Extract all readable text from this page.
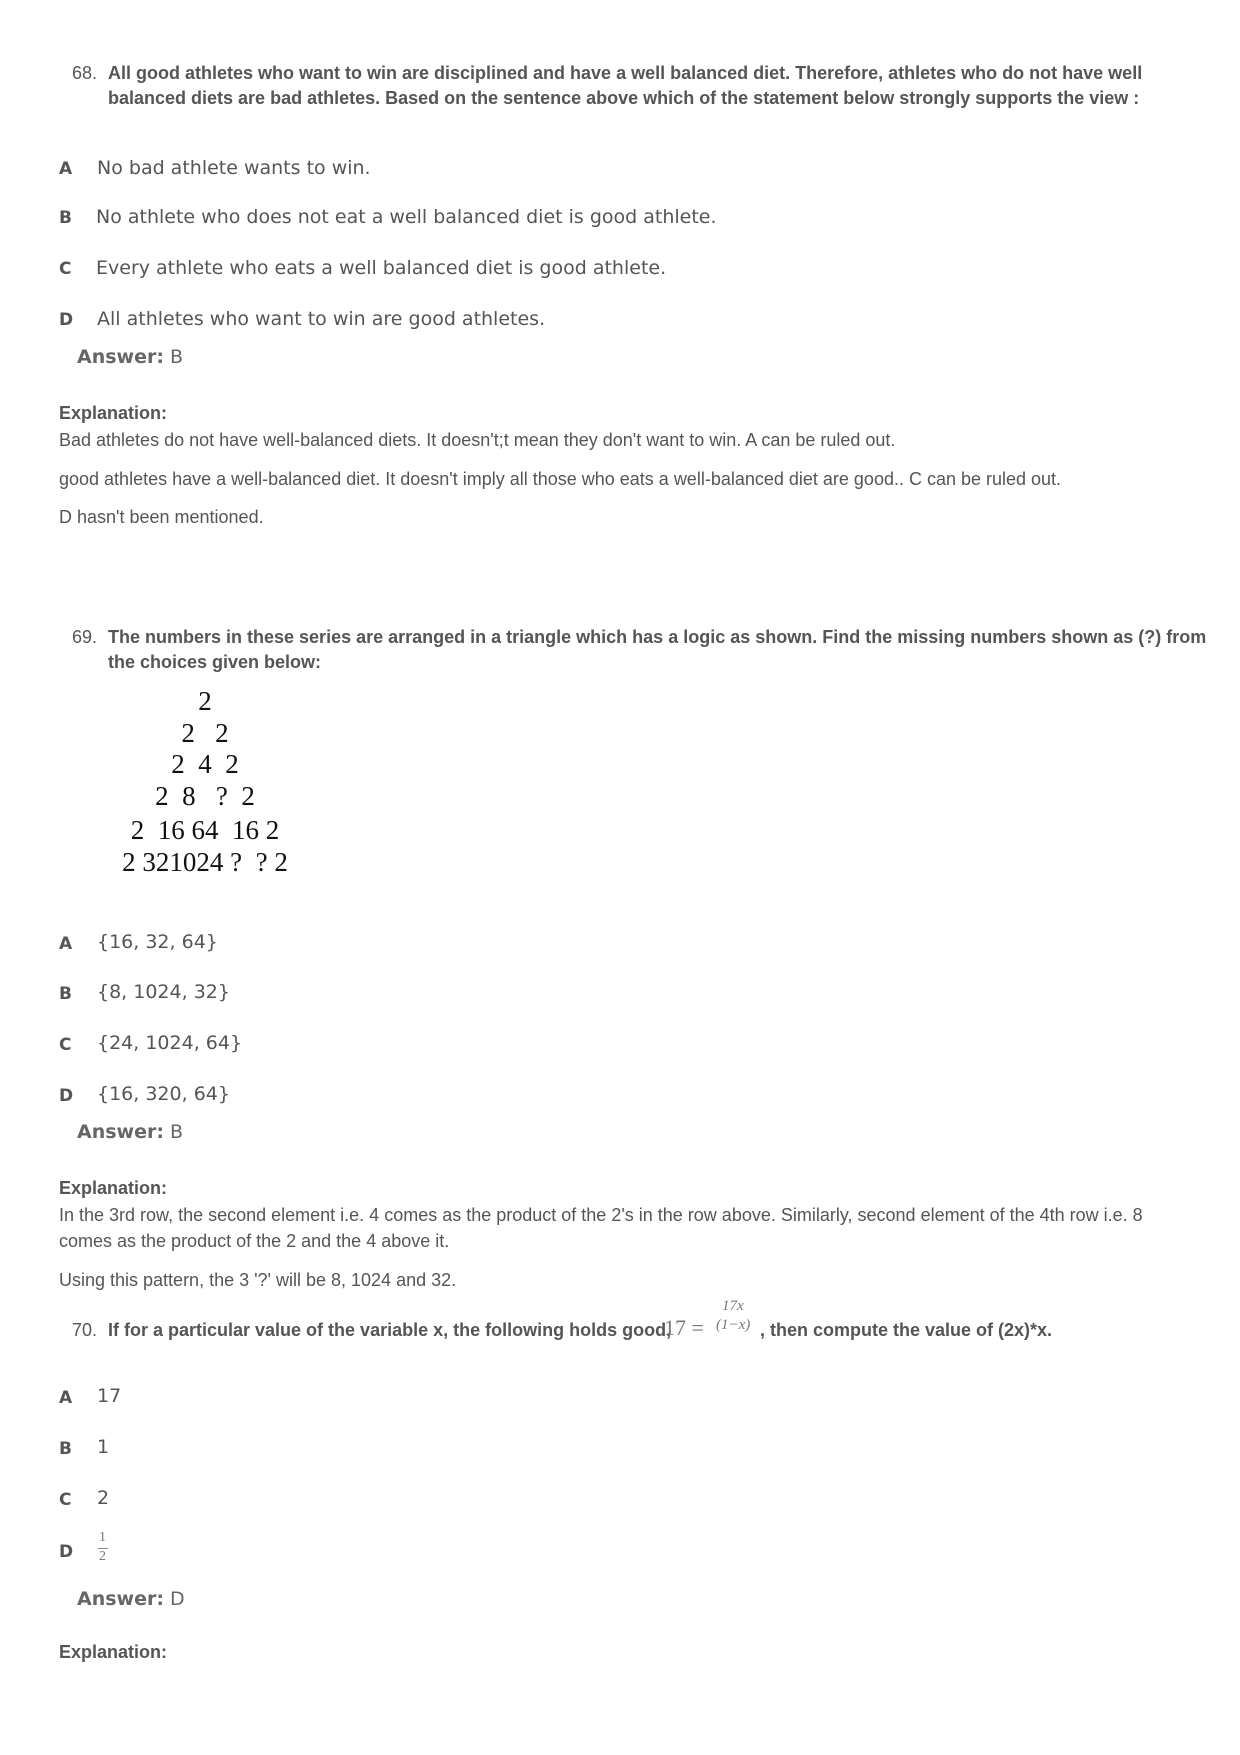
68. All good athletes who want to win are disciplined and have a well balanced diet. Therefore, athletes who do not have well
balanced diets are bad athletes. Based on the sentence above which of the statement below strongly supports the view :
A No bad athlete wants to win.
B No athlete who does not eat a well balanced diet is good athlete.
C Every athlete who eats a well balanced diet is good athlete.
D All athletes who want to win are good athletes.
Answer: B
Explanation:
Bad athletes do not have well-balanced diets. It doesn't;t mean they don't want to win. A can be ruled out.
good athletes have a well-balanced diet. It doesn't imply all those who eats a well-balanced diet are good.. C can be ruled out.
D hasn't been mentioned.
69. The numbers in these series are arranged in a triangle which has a logic as shown. Find the missing numbers shown as (?) from
the choices given below:
2
2   2
2  4  2
2  8   ?  2
2  16 64  16 2
2 321024 ?  ? 2
A {16, 32, 64}
B {8, 1024, 32}
C {24, 1024, 64}
D {16, 320, 64}
Answer: B
Explanation:
In the 3rd row, the second element i.e. 4 comes as the product of the 2's in the row above. Similarly, second element of the 4th row i.e. 8
comes as the product of the 2 and the 4 above it.
Using this pattern, the 3 '?' will be 8, 1024 and 32.
70. If for a particular value of the variable x, the following holds good,
17 =
17x
(1−x) , then compute the value of (2x)*x.
A 17
B 1
C 2
D
1
2
Answer: D
Explanation:
